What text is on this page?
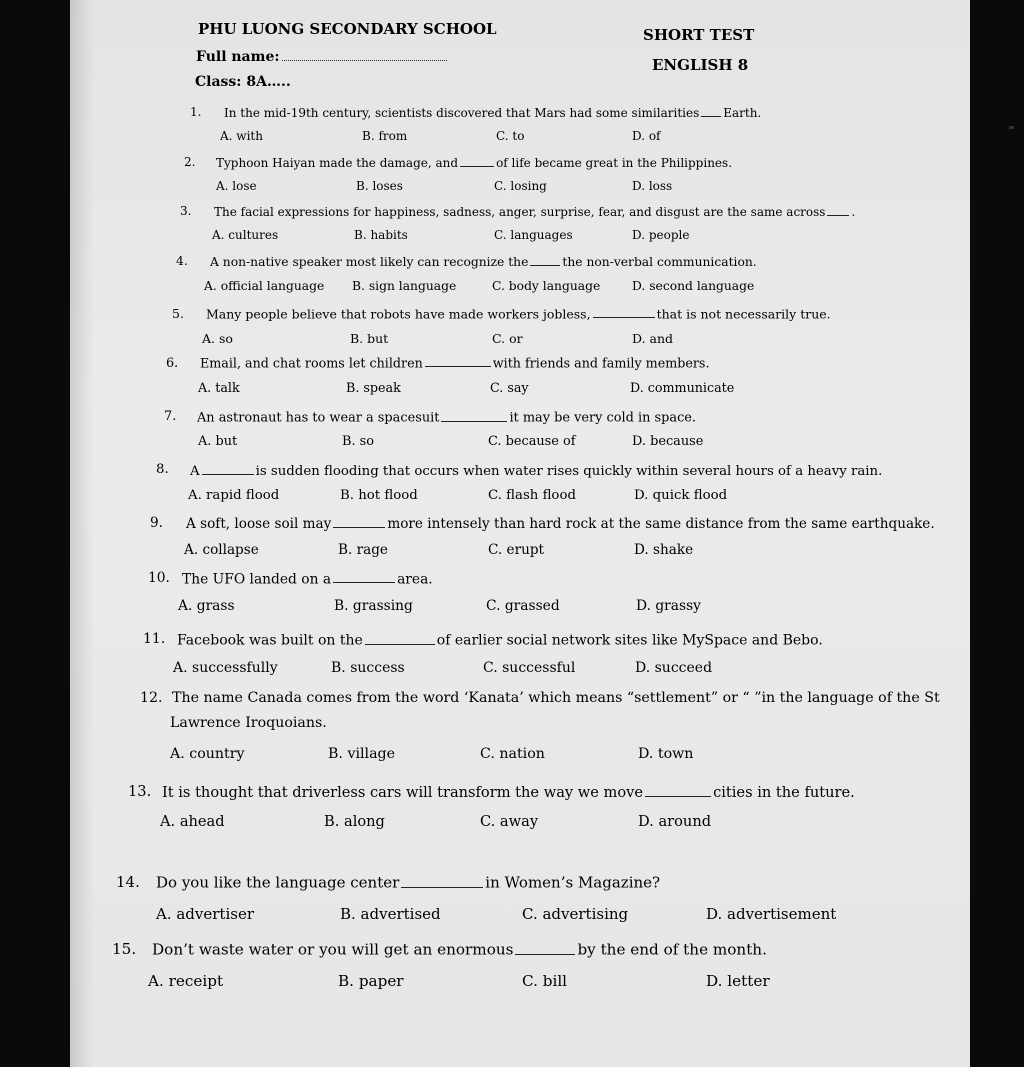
PHU LUONG SECONDARY SCHOOL
Full name:
Class: 8A…..
SHORT TEST
ENGLISH 8
1. In the mid-19th century, scientists discovered that Mars had some similarities Earth.
A. with	B. from	C. to	D. of
2. Typhoon Haiyan made the damage, and	of life became great in the Philippines.
A. lose	B. loses	C. losing	D. loss
3. The facial expressions for happiness, sadness, anger, surprise, fear, and disgust are the same across .
A. cultures	B. habits	C. languages	D. people
4. A non-native speaker most likely can recognize the	the non-verbal communication.
A. official language B. sign language	C. body language	D. second language
5. Many people believe that robots have made workers jobless,	that is not necessarily true.
A. so	B. but	C. or	D. and
6. Email, and chat rooms let children	with friends and family members.
A. talk	B. speak	C. say	D. communicate
7. An astronaut has to wear a spacesuit	it may be very cold in space.
A. but	B. so	C. because of	D. because
8. A	is sudden flooding that occurs when water rises quickly within several hours of a heavy rain.
A. rapid flood	B. hot flood	C. flash flood	D. quick flood
9. A soft, loose soil may	more intensely than hard rock at the same distance from the same earthquake.
A. collapse	B. rage	C. erupt	D. shake
10. The UFO landed on a	area.
A. grass	B. grassing	C. grassed	D. grassy
11. Facebook was built on the	of earlier social network sites like MySpace and Bebo.
A. successfully	B. success	C. successful	D. succeed
12. The name Canada comes from the word ‘Kanata’ which means “settlement” or “ ”in the language of the St
Lawrence Iroquoians.
A. country	B. village	C. nation	D. town
13. It is thought that driverless cars will transform the way we move	cities in the future.
A. ahead	B. along	C. away	D. around
14. Do you like the language center	in Women’s Magazine?
A. advertiser	B. advertised	C. advertising	D. advertisement
15. Don’t waste water or you will get an enormous	by the end of the month.
A. receipt	B. paper	C. bill	D. letter
